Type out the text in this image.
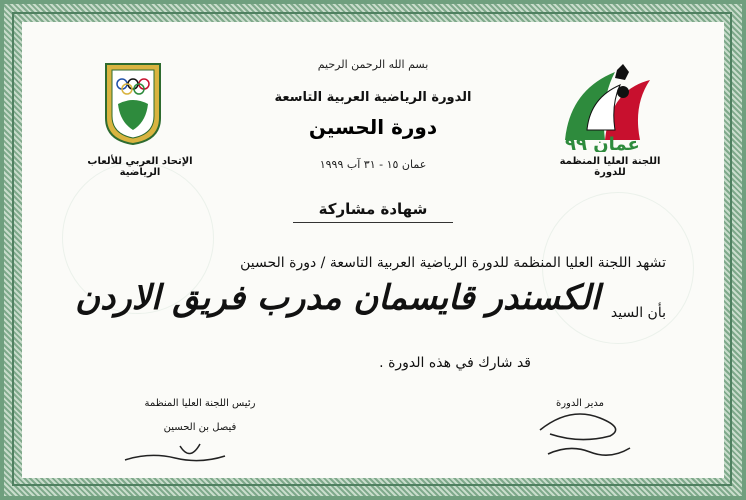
عمان ٩٩
اللجنة العليا المنظمة للدورة
الإتحاد العربي للألعاب الرياضية
بسم الله الرحمن الرحيم
الدورة الرياضية العربية التاسعة
دورة الحسين
عمان ١٥ - ٣١ آب ١٩٩٩
شهادة مشاركة
تشهد اللجنة العليا المنظمة للدورة الرياضية العربية التاسعة / دورة الحسين
بأن السيد
الكسندر قايسمان مدرب فريق الاردن
قد شارك في هذه الدورة .
رئيس اللجنة العليا المنظمة
فيصل بن الحسين
مدير الدورة
